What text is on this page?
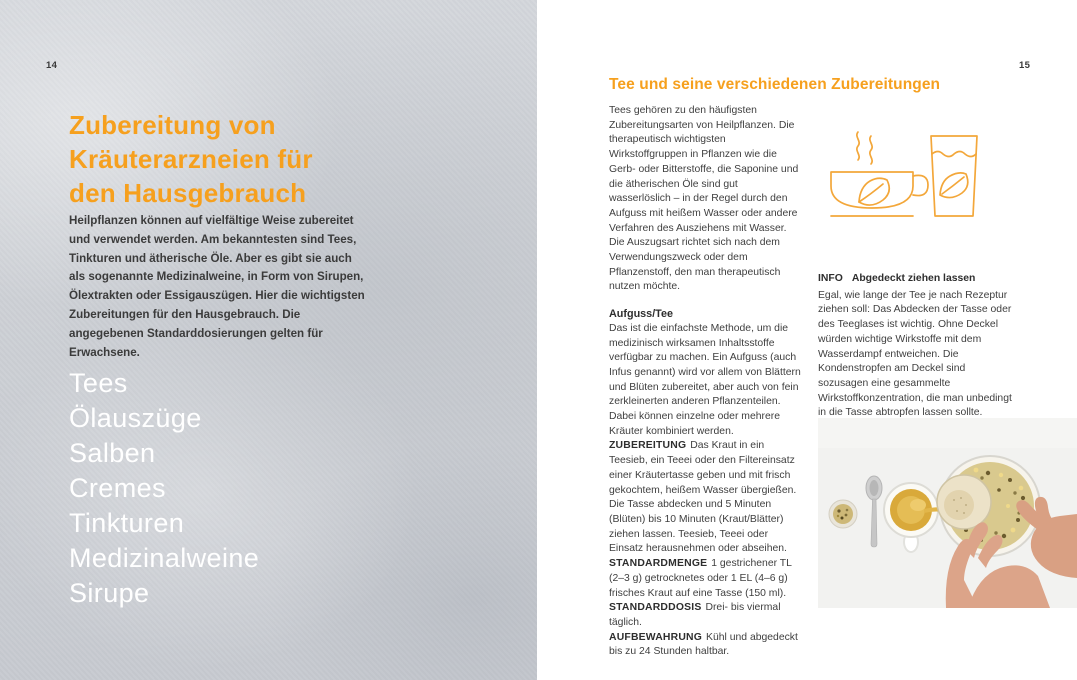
14
Zubereitung von
Kräuterarzneien für
den Hausgebrauch

Heilpflanzen können auf vielfältige Weise zubereitet und verwendet werden. Am bekanntesten sind Tees, Tinkturen und ätherische Öle. Aber es gibt sie auch als sogenannte Medizinalweine, in Form von Sirupen, Ölextrakten oder Essigauszügen. Hier die wichtigsten Zubereitungen für den Hausgebrauch. Die angegebenen Standarddosierungen gelten für Erwachsene.

Tees
Ölauszüge
Salben
Cremes
Tinkturen
Medizinalweine
Sirupe
15
Tee und seine verschiedenen Zubereitungen

Tees gehören zu den häufigsten Zubereitungsarten von Heilpflanzen. Die therapeutisch wichtigsten Wirkstoffgruppen in Pflanzen wie die Gerb- oder Bitterstoffe, die Saponine und die ätherischen Öle sind gut wasserlöslich – in der Regel durch den Aufguss mit heißem Wasser oder andere Verfahren des Ausziehens mit Wasser. Die Auszugsart richtet sich nach dem Verwendungszweck oder dem Pflanzenstoff, den man therapeutisch nutzen möchte.

Aufguss/Tee

Das ist die einfachste Methode, um die medizinisch wirksamen Inhaltsstoffe verfügbar zu machen. Ein Aufguss (auch Infus genannt) wird vor allem von Blättern und Blüten zubereitet, aber auch von fein zerkleinerten anderen Pflanzenteilen. Dabei können einzelne oder mehrere Kräuter kombiniert werden.

ZUBEREITUNG Das Kraut in ein Teesieb, ein Teeei oder den Filtereinsatz einer Kräutertasse geben und mit frisch gekochtem, heißem Wasser übergießen. Die Tasse abdecken und 5 Minuten (Blüten) bis 10 Minuten (Kraut/Blätter) ziehen lassen. Teesieb, Teeei oder Einsatz herausnehmen oder abseihen.
STANDARDMENGE 1 gestrichener TL (2–3 g) getrocknetes oder 1 EL (4–6 g) frisches Kraut auf eine Tasse (150 ml).
STANDARDDOSIS Drei- bis viermal täglich.
AUFBEWAHRUNG Kühl und abgedeckt bis zu 24 Stunden haltbar.
INFO Abgedeckt ziehen lassen

Egal, wie lange der Tee je nach Rezeptur ziehen soll: Das Abdecken der Tasse oder des Teeglases ist wichtig. Ohne Deckel würden wichtige Wirkstoffe mit dem Wasserdampf entweichen. Die Kondenstropfen am Deckel sind sozusagen eine gesammelte Wirkstoffkonzentration, die man unbedingt in die Tasse abtropfen lassen sollte.
